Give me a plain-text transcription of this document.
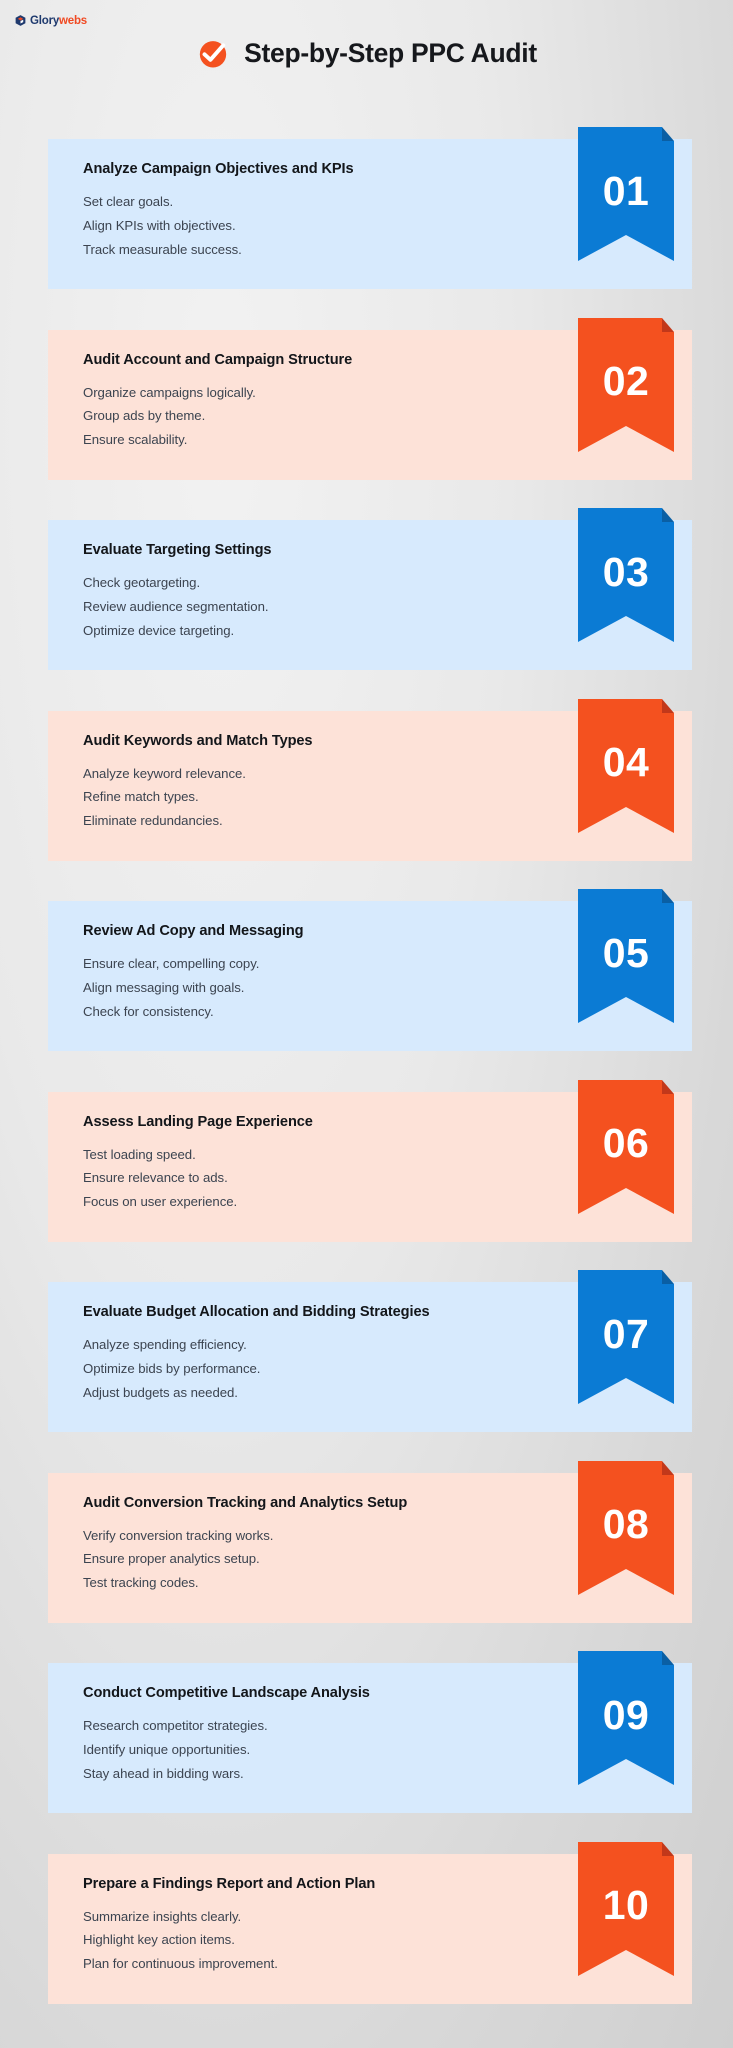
Glorywebs
Step-by-Step PPC Audit
Analyze Campaign Objectives and KPIs
Set clear goals.
Align KPIs with objectives.
Track measurable success.
01
Audit Account and Campaign Structure
Organize campaigns logically.
Group ads by theme.
Ensure scalability.
02
Evaluate Targeting Settings
Check geotargeting.
Review audience segmentation.
Optimize device targeting.
03
Audit Keywords and Match Types
Analyze keyword relevance.
Refine match types.
Eliminate redundancies.
04
Review Ad Copy and Messaging
Ensure clear, compelling copy.
Align messaging with goals.
Check for consistency.
05
Assess Landing Page Experience
Test loading speed.
Ensure relevance to ads.
Focus on user experience.
06
Evaluate Budget Allocation and Bidding Strategies
Analyze spending efficiency.
Optimize bids by performance.
Adjust budgets as needed.
07
Audit Conversion Tracking and Analytics Setup
Verify conversion tracking works.
Ensure proper analytics setup.
Test tracking codes.
08
Conduct Competitive Landscape Analysis
Research competitor strategies.
Identify unique opportunities.
Stay ahead in bidding wars.
09
Prepare a Findings Report and Action Plan
Summarize insights clearly.
Highlight key action items.
Plan for continuous improvement.
10
